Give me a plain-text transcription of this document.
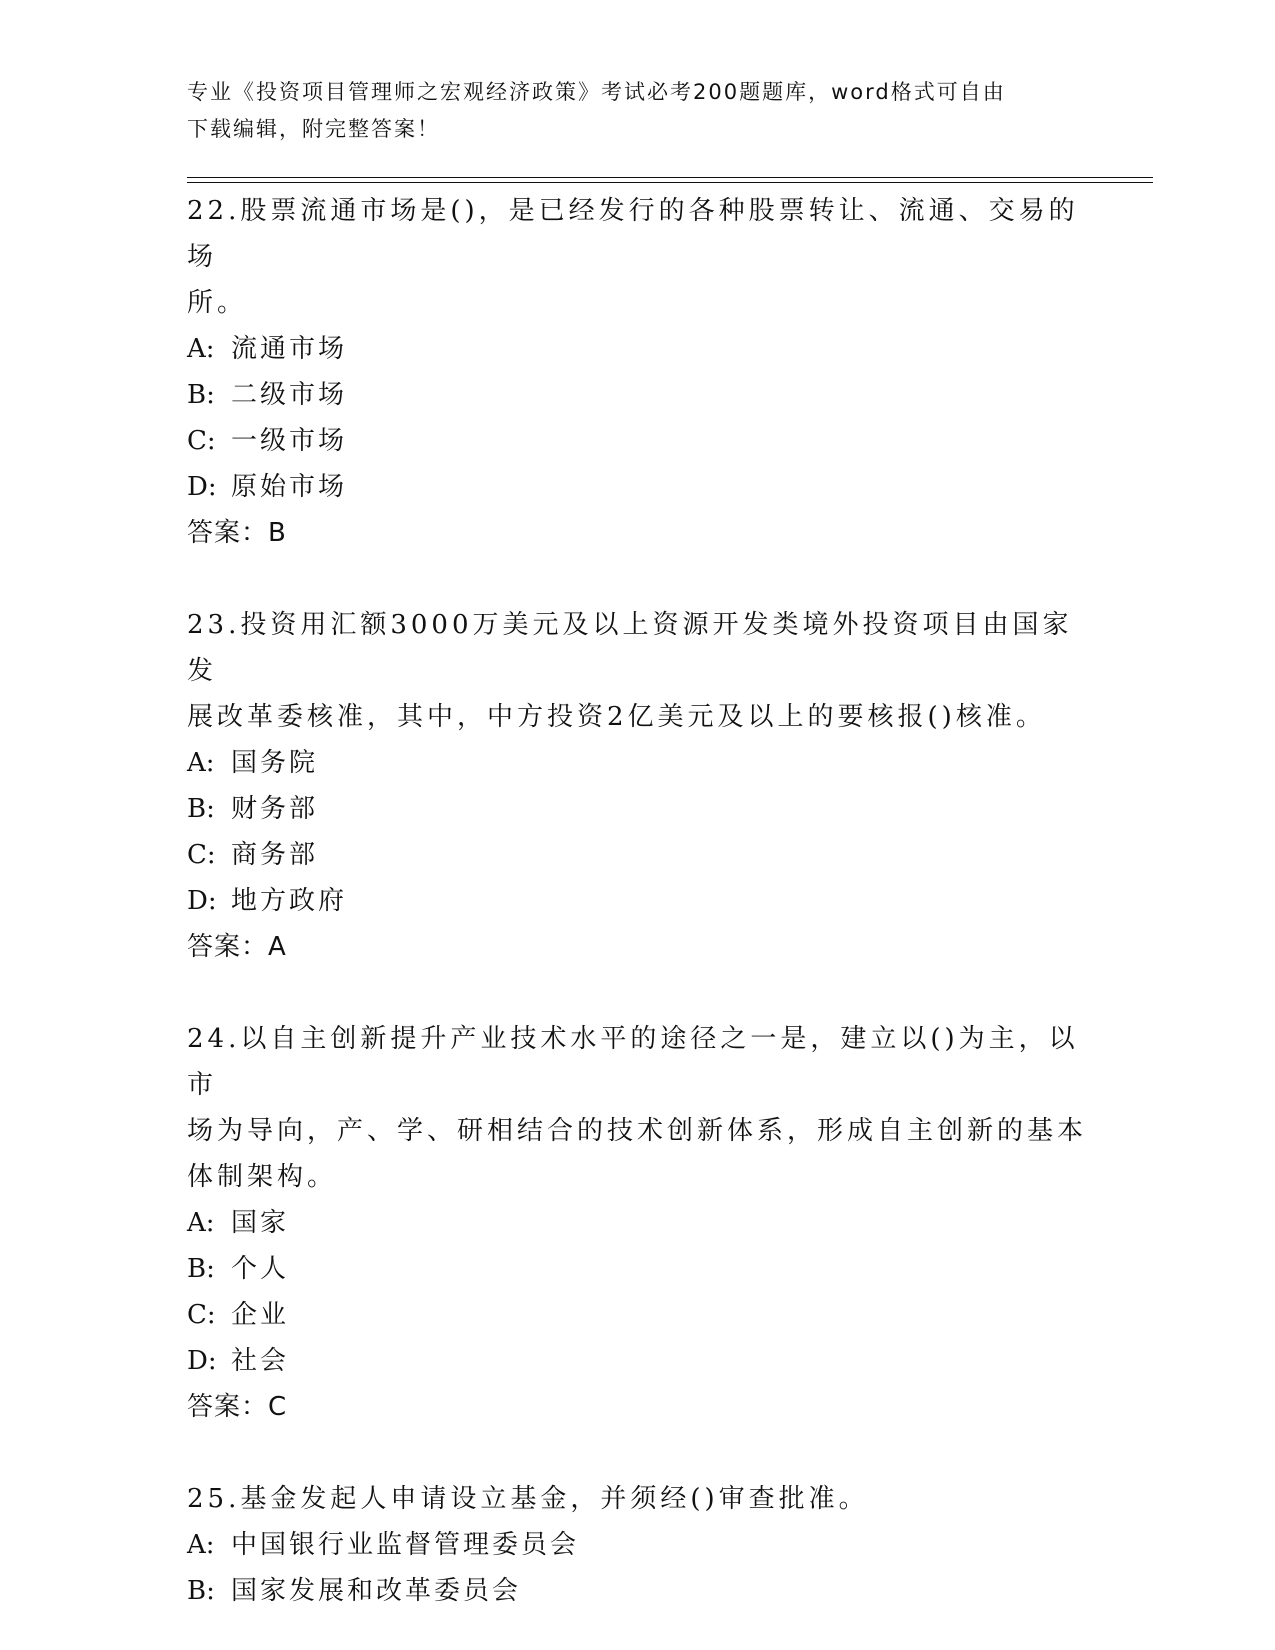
专业《投资项目管理师之宏观经济政策》考试必考200题题库，word格式可自由
下载编辑，附完整答案！

22.股票流通市场是()，是已经发行的各种股票转让、流通、交易的场

所。

A: 流通市场

B: 二级市场

C: 一级市场

D: 原始市场

答案：B

23.投资用汇额3000万美元及以上资源开发类境外投资项目由国家发

展改革委核准，其中，中方投资2亿美元及以上的要核报()核准。

A: 国务院

B: 财务部

C: 商务部

D: 地方政府

答案：A

24.以自主创新提升产业技术水平的途径之一是，建立以()为主，以市

场为导向，产、学、研相结合的技术创新体系，形成自主创新的基本

体制架构。

A: 国家

B: 个人

C: 企业

D: 社会

答案：C

25.基金发起人申请设立基金，并须经()审查批准。

A: 中国银行业监督管理委员会

B: 国家发展和改革委员会
